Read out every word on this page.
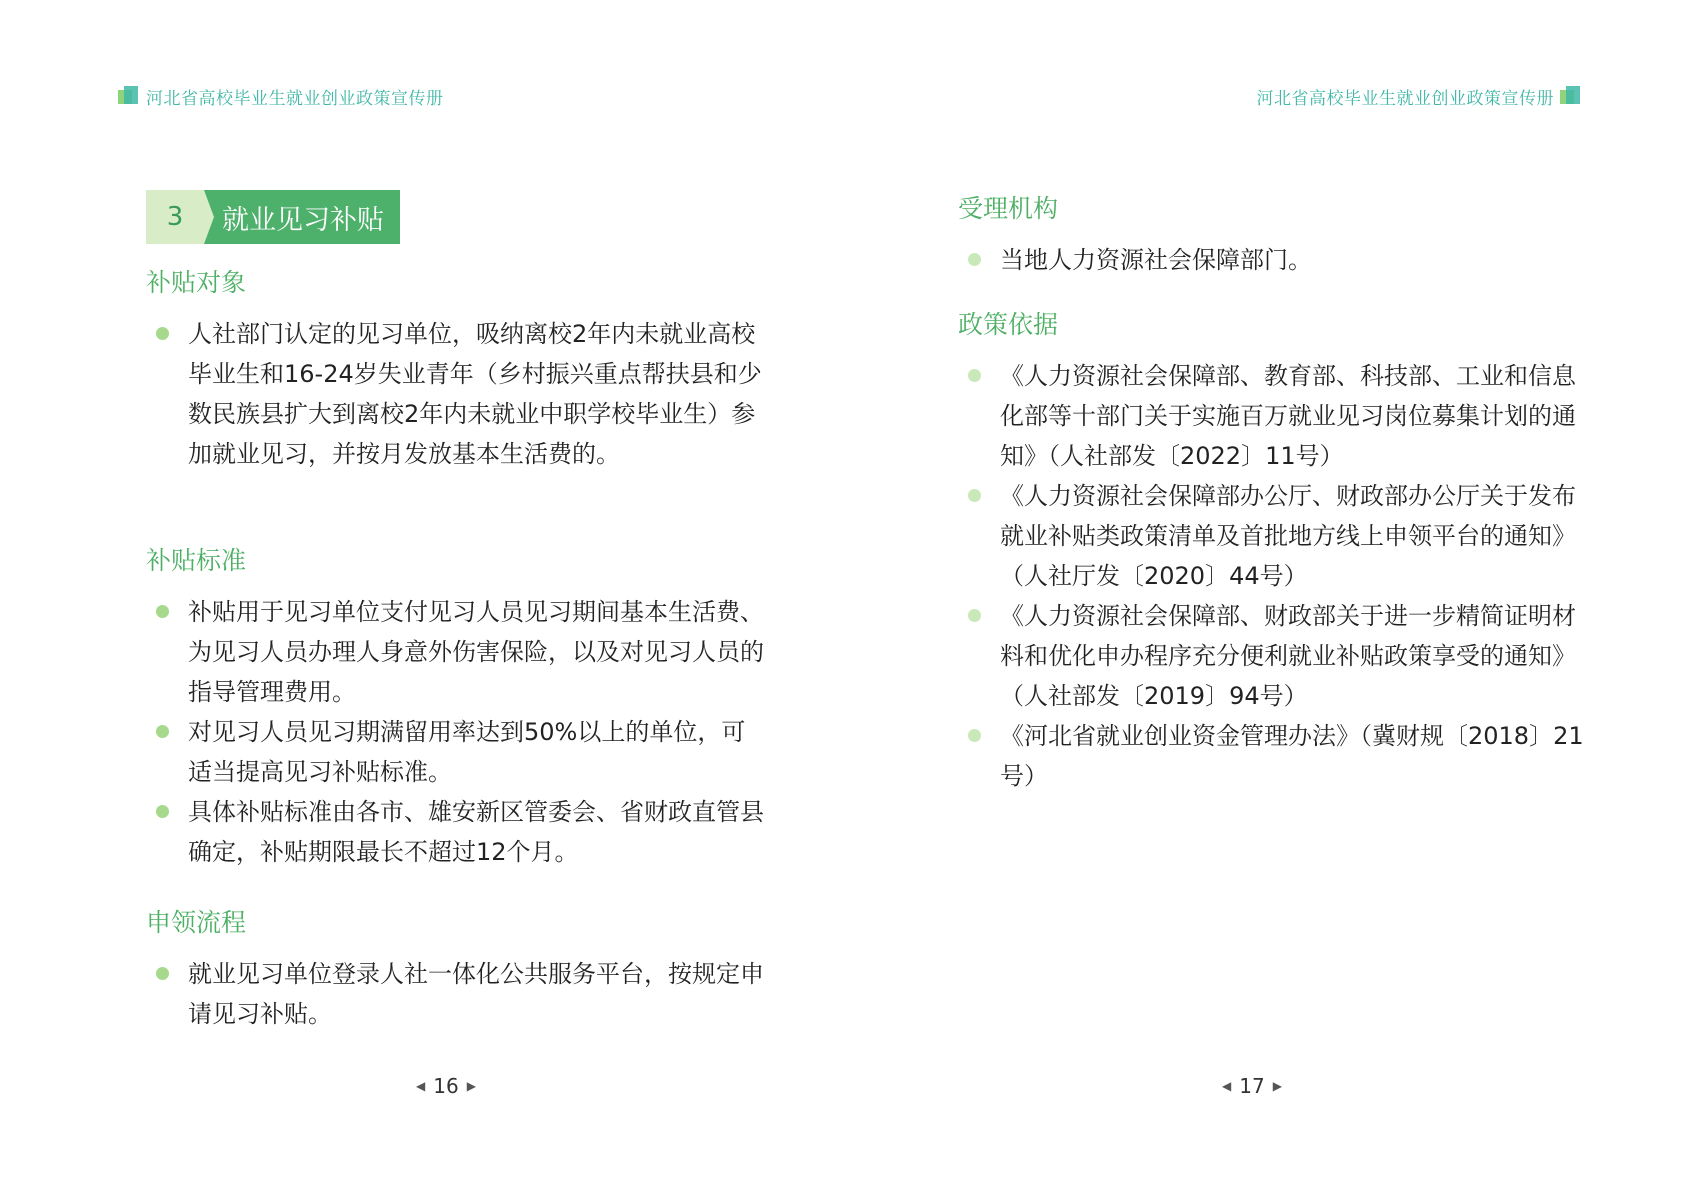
河北省高校毕业生就业创业政策宣传册
3	就业见习补贴
补贴对象
人社部门认定的见习单位，吸纳离校2年内未就业高校毕业生和16-24岁失业青年（乡村振兴重点帮扶县和少数民族县扩大到离校2年内未就业中职学校毕业生）参加就业见习，并按月发放基本生活费的。
补贴标准
补贴用于见习单位支付见习人员见习期间基本生活费、为见习人员办理人身意外伤害保险，以及对见习人员的指导管理费用。
对见习人员见习期满留用率达到50%以上的单位，可适当提高见习补贴标准。
具体补贴标准由各市、雄安新区管委会、省财政直管县确定，补贴期限最长不超过12个月。
申领流程
就业见习单位登录人社一体化公共服务平台，按规定申请见习补贴。
◀ 16 ▶
河北省高校毕业生就业创业政策宣传册
受理机构
当地人力资源社会保障部门。
政策依据
《人力资源社会保障部、教育部、科技部、工业和信息化部等十部门关于实施百万就业见习岗位募集计划的通知》（人社部发〔2022〕11号）
《人力资源社会保障部办公厅、财政部办公厅关于发布就业补贴类政策清单及首批地方线上申领平台的通知》（人社厅发〔2020〕44号）
《人力资源社会保障部、财政部关于进一步精简证明材料和优化申办程序充分便利就业补贴政策享受的通知》（人社部发〔2019〕94号）
《河北省就业创业资金管理办法》（冀财规〔2018〕21号）
◀ 17 ▶
